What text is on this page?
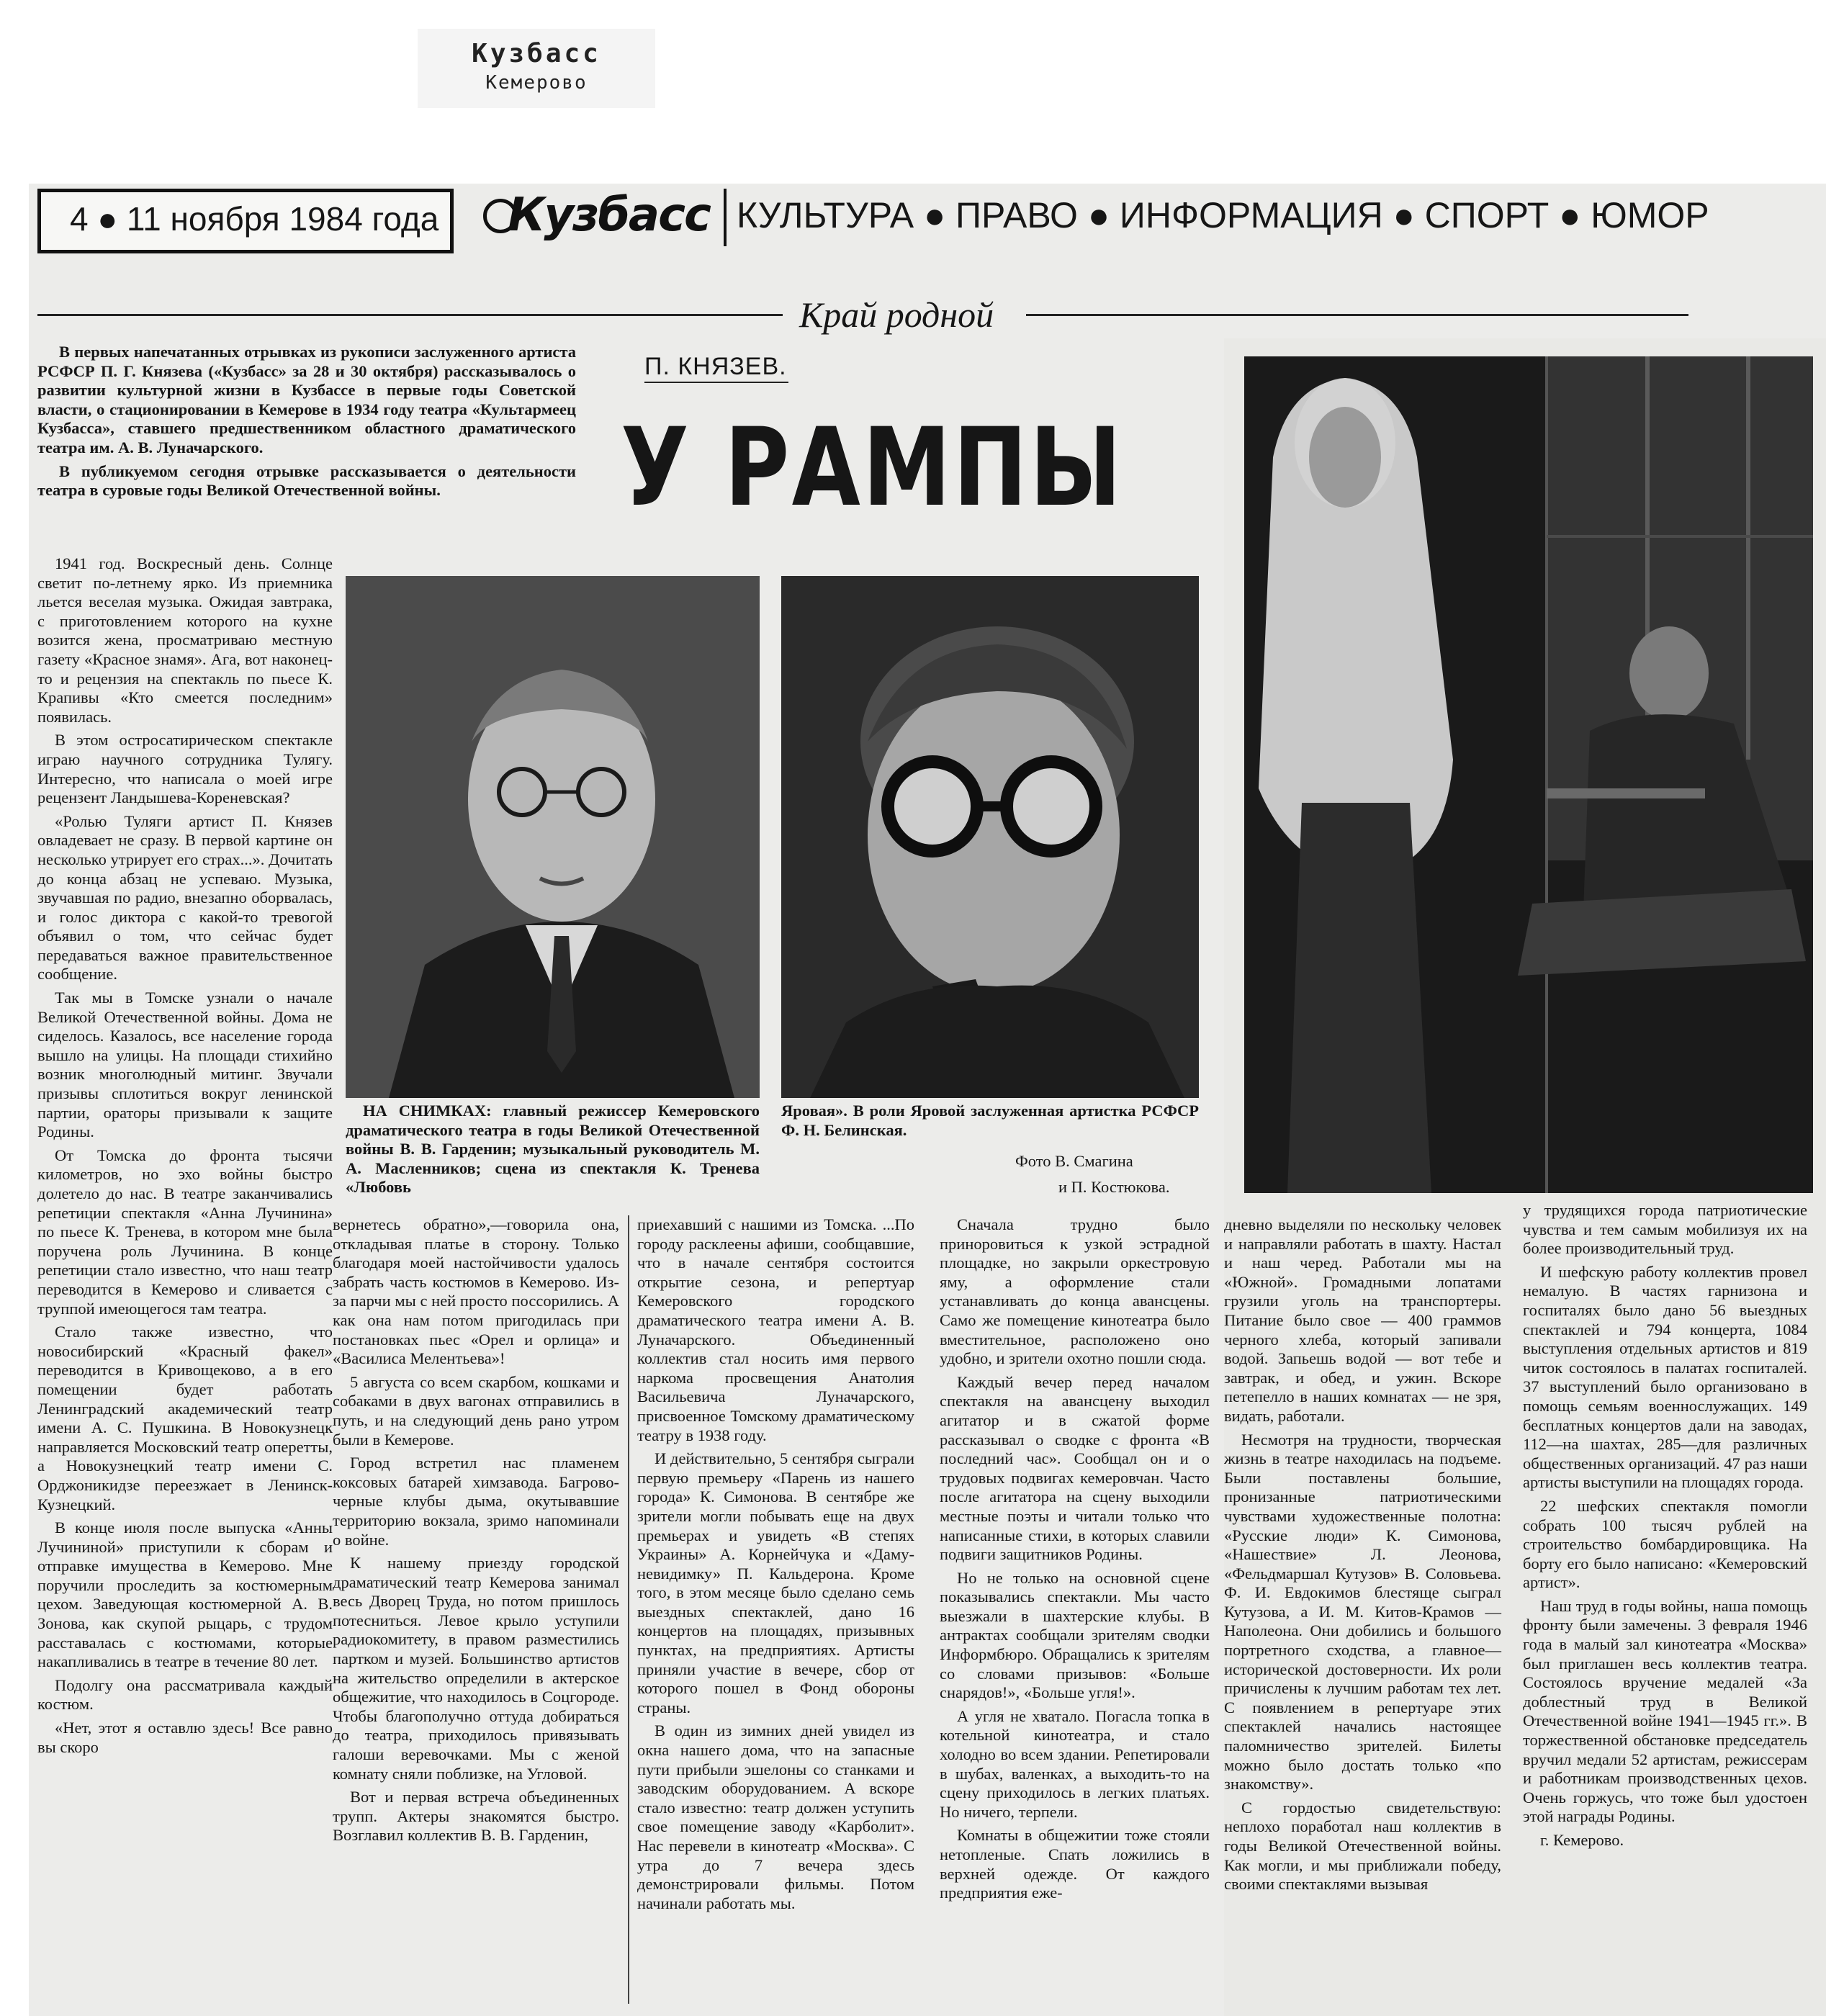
Кузбасс
Кемерово
4 ● 11 ноября 1984 года Кузбасс КУЛЬТУРА ● ПРАВО ● ИНФОРМАЦИЯ ● СПОРТ ● ЮМОР
Край родной
П. КНЯЗЕВ.
У РАМПЫ

В первых напечатанных отрывках из рукописи заслуженного артиста РСФСР П. Г. Князева («Кузбасс» за 28 и 30 октября) рассказывалось о развитии культурной жизни в Кузбассе в первые годы Советской власти, о стационировании в Кемерове в 1934 году театра «Культармеец Кузбасса», ставшего предшественником областного драматического театра им. А. В. Луначарского.

В публикуемом сегодня отрывке рассказывается о деятельности театра в суровые годы Великой Отечественной войны.

НА СНИМКАХ: главный режиссер Кемеровского драматического театра в годы Великой Отечественной войны В. В. Гарденин; музыкальный руководитель М. А. Масленников; сцена из спектакля К. Тренева «Любовь
Яровая». В роли Яровой заслуженная артистка РСФСР Ф. Н. Белинская.
Фото В. Смагина
и П. Костюкова.

1941 год. Воскресный день. Солнце светит по-летнему ярко. Из приемника льется веселая музыка. Ожидая завтрака, с приготовлением которого на кухне возится жена, просматриваю местную газету «Красное знамя». Ага, вот наконец-то и рецензия на спектакль по пьесе К. Крапивы «Кто смеется последним» появилась.

В этом остросатирическом спектакле играю научного сотрудника Тулягу. Интересно, что написала о моей игре рецензент Ландышева-Кореневская?

«Ролью Туляги артист П. Князев овладевает не сразу. В первой картине он несколько утрирует его страх...». Дочитать до конца абзац не успеваю. Музыка, звучавшая по радио, внезапно оборвалась, и голос диктора с какой-то тревогой объявил о том, что сейчас будет передаваться важное правительственное сообщение.

Так мы в Томске узнали о начале Великой Отечественной войны. Дома не сиделось. Казалось, все население города вышло на улицы. На площади стихийно возник многолюдный митинг. Звучали призывы сплотиться вокруг ленинской партии, ораторы призывали к защите Родины.

От Томска до фронта тысячи километров, но эхо войны быстро долетело до нас. В театре заканчивались репетиции спектакля «Анна Лучинина» по пьесе К. Тренева, в котором мне была поручена роль Лучинина. В конце репетиции стало известно, что наш театр переводится в Кемерово и сливается с труппой имеющегося там театра.

Стало также известно, что новосибирский «Красный факел» переводится в Кривощеково, а в его помещении будет работать Ленинградский академический театр имени А. С. Пушкина. В Новокузнецк направляется Московский театр оперетты, а Новокузнецкий театр имени С. Орджоникидзе переезжает в Ленинск-Кузнецкий.

В конце июля после выпуска «Анны Лучининой» приступили к сборам и отправке имущества в Кемерово. Мне поручили проследить за костюмерным цехом. Заведующая костюмерной А. В. Зонова, как скупой рыцарь, с трудом расставалась с костюмами, которые накапливались в театре в течение 80 лет.

Подолгу она рассматривала каждый костюм.

«Нет, этот я оставлю здесь! Все равно вы скоро

вернетесь обратно»,—говорила она, откладывая платье в сторону. Только благодаря моей настойчивости удалось забрать часть костюмов в Кемерово. Из-за парчи мы с ней просто поссорились. А как она нам потом пригодилась при постановках пьес «Орел и орлица» и «Василиса Мелентьева»!

5 августа со всем скарбом, кошками и собаками в двух вагонах отправились в путь, и на следующий день рано утром были в Кемерове.

Город встретил нас пламенем коксовых батарей химзавода. Багрово-черные клубы дыма, окутывавшие территорию вокзала, зримо напоминали о войне.

К нашему приезду городской драматический театр Кемерова занимал весь Дворец Труда, но потом пришлось потесниться. Левое крыло уступили радиокомитету, в правом разместились партком и музей. Большинство артистов на жительство определили в актерское общежитие, что находилось в Соцгороде. Чтобы благополучно оттуда добираться до театра, приходилось привязывать галоши веревочками. Мы с женой комнату сняли поблизке, на Угловой.

Вот и первая встреча объединенных трупп. Актеры знакомятся быстро. Возглавил коллектив В. В. Гарденин,

приехавший с нашими из Томска. ...По городу расклеены афиши, сообщавшие, что в начале сентября состоится открытие сезона, и репертуар Кемеровского городского драматического театра имени А. В. Луначарского. Объединенный коллектив стал носить имя первого наркома просвещения Анатолия Васильевича Луначарского, присвоенное Томскому драматическому театру в 1938 году.

И действительно, 5 сентября сыграли первую премьеру «Парень из нашего города» К. Симонова. В сентябре же зрители могли побывать еще на двух премьерах и увидеть «В степях Украины» А. Корнейчука и «Даму-невидимку» П. Кальдерона. Кроме того, в этом месяце было сделано семь выездных спектаклей, дано 16 концертов на площадях, призывных пунктах, на предприятиях. Артисты приняли участие в вечере, сбор от которого пошел в Фонд обороны страны.

В один из зимних дней увидел из окна нашего дома, что на запасные пути прибыли эшелоны со станками и заводским оборудованием. А вскоре стало известно: театр должен уступить свое помещение заводу «Карболит». Нас перевели в кинотеатр «Москва». С утра до 7 вечера здесь демонстрировали фильмы. Потом начинали работать мы.

Сначала трудно было приноровиться к узкой эстрадной площадке, но закрыли оркестровую яму, а оформление стали устанавливать до конца авансцены. Само же помещение кинотеатра было вместительное, расположено оно удобно, и зрители охотно пошли сюда.

Каждый вечер перед началом спектакля на авансцену выходил агитатор и в сжатой форме рассказывал о сводке с фронта «В последний час». Сообщал он и о трудовых подвигах кемеровчан. Часто после агитатора на сцену выходили местные поэты и читали только что написанные стихи, в которых славили подвиги защитников Родины.

Но не только на основной сцене показывались спектакли. Мы часто выезжали в шахтерские клубы. В антрактах сообщали зрителям сводки Информбюро. Обращались к зрителям со словами призывов: «Больше снарядов!», «Больше угля!».

А угля не хватало. Погасла топка в котельной кинотеатра, и стало холодно во всем здании. Репетировали в шубах, валенках, а выходить-то на сцену приходилось в легких платьях. Но ничего, терпели.

Комнаты в общежитии тоже стояли нетопленые. Спать ложились в верхней одежде. От каждого предприятия еже-

дневно выделяли по нескольку человек и направляли работать в шахту. Настал и наш черед. Работали мы на «Южной». Громадными лопатами грузили уголь на транспортеры. Питание было свое — 400 граммов черного хлеба, который запивали водой. Запьешь водой — вот тебе и завтрак, и обед, и ужин. Вскоре петепелло в наших комнатах — не зря, видать, работали.

Несмотря на трудности, творческая жизнь в театре находилась на подъеме. Были поставлены большие, пронизанные патриотическими чувствами художественные полотна: «Русские люди» К. Симонова, «Нашествие» Л. Леонова, «Фельдмаршал Кутузов» В. Соловьева. Ф. И. Евдокимов блестяще сыграл Кутузова, а И. М. Китов-Крамов — Наполеона. Они добились и большого портретного сходства, а главное—исторической достоверности. Их роли причислены к лучшим работам тех лет. С появлением в репертуаре этих спектаклей начались настоящее паломничество зрителей. Билеты можно было достать только «по знакомству».

С гордостью свидетельствую: неплохо поработал наш коллектив в годы Великой Отечественной войны. Как могли, и мы приближали победу, своими спектаклями вызывая

у трудящихся города патриотические чувства и тем самым мобилизуя их на более производительный труд.

И шефскую работу коллектив провел немалую. В частях гарнизона и госпиталях было дано 56 выездных спектаклей и 794 концерта, 1084 выступления отдельных артистов и 819 читок состоялось в палатах госпиталей. 37 выступлений было организовано в помощь семьям военнослужащих. 149 бесплатных концертов дали на заводах, 112—на шахтах, 285—для различных общественных организаций. 47 раз наши артисты выступили на площадях города.

22 шефских спектакля помогли собрать 100 тысяч рублей на строительство бомбардировщика. На борту его было написано: «Кемеровский артист».

Наш труд в годы войны, наша помощь фронту были замечены. 3 февраля 1946 года в малый зал кинотеатра «Москва» был приглашен весь коллектив театра. Состоялось вручение медалей «За доблестный труд в Великой Отечественной войне 1941—1945 гг.». В торжественной обстановке председатель вручил медали 52 артистам, режиссерам и работникам производственных цехов. Очень горжусь, что тоже был удостоен этой награды Родины.

г. Кемерово.
